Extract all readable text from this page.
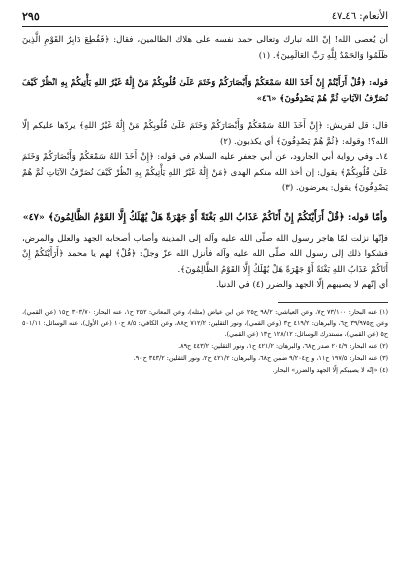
الأنعام: ٤٦ـ٤٧
٢٩٥

أن يُعصى الله! إنّ الله تبارك وتعالى حمد نفسه على هلاك الظالمين، فقال: ﴿فَقُطِعَ دَابِرُ القَوْمِ الَّذِينَ ظَلَمُوا وَالحَمْدُ لِلَّهِ رَبِّ العَالَمِينَ﴾. (١)

قوله: ﴿قُلْ أَرَأَيْتُمْ إِنْ أَخَذَ اللهُ سَمْعَكُمْ وَأَبْصَارَكُمْ وَخَتَمَ عَلَىٰ قُلُوبِكُمْ مَنْ إِلَٰهٌ غَيْرُ اللهِ يَأْتِيكُمْ بِهِ انْظُرْ كَيْفَ نُصَرِّفُ الآيَاتِ ثُمَّ هُمْ يَصْدِفُونَ﴾ «٤٦»

قال: قل لقريش: ﴿إِنْ أَخَذَ اللهُ سَمْعَكُمْ وَأَبْصَارَكُمْ وَخَتَمَ عَلَىٰ قُلُوبِكُمْ مَنْ إِلَٰهٌ غَيْرُ اللهِ﴾ يردّها عليكم إلّا الله؟! وقوله: ﴿ثُمَّ هُمْ يَصْدِفُونَ﴾ أي يكذبون. (٢)

١٤ـ وفي رواية أبي الجارود، عن أبي جعفر عليه السلام في قوله: ﴿إِنْ أَخَذَ اللهُ سَمْعَكُمْ وَأَبْصَارَكُمْ وَخَتَمَ عَلَىٰ قُلُوبِكُمْ﴾ يقول: إن أخذ الله منكم الهدى ﴿مَنْ إِلَٰهٌ غَيْرُ اللهِ يَأْتِيكُمْ بِهِ انْظُرْ كَيْفَ نُصَرِّفُ الآيَاتِ ثُمَّ هُمْ يَصْدِفُونَ﴾ يقول: يعرضون. (٣)

وأمّا قوله: ﴿قُلْ أَرَأَيْتَكُمْ إِنْ أَتَاكُمْ عَذَابُ اللهِ بَغْتَةً أَوْ جَهْرَةً هَلْ يُهْلَكُ إِلَّا القَوْمُ الظَّالِمُونَ﴾ «٤٧»

فإنّها نزلت لمّا هاجر رسول الله صلّى الله عليه وآله إلى المدينة وأصاب أصحابه الجهد والعلل والمرض، فشكوا ذلك إلى رسول الله صلّى الله عليه وآله فأنزل الله عزّ وجلّ: ﴿قُلْ﴾ لهم يا محمد ﴿أَرَأَيْتَكُمْ إِنْ أَتَاكُمْ عَذَابُ اللهِ بَغْتَةً أَوْ جَهْرَةً هَلْ يُهْلَكُ إِلَّا القَوْمُ الظَّالِمُونَ﴾.

أي إنّهم لا يصيبهم إلّا الجهد والضرر (٤) في الدنيا.

(١) عنه البحار: ٧٣/١٠٠ ح٧، وعن العياشي: ٩٨/٢ ح٢٥ عن ابن عياض (مثله)، وعن المعاني: ٢٥٢ ح١، عنه البحار: ٣٠٣/٧٠ ح١٥ (عن القمي)، وعن ج٣٩/٩٧٥ ح٦، والبرهان: ٤١٩/٢ ح٣ (وعن القمي)، ونور الثقلين: ٧١٢/٢ ح٨٨، وعن الكافي: ٨/٥ ح١٠ (عن الأول)، عنه الوسائل: ٥٠١/١١ ح٥ (عن القمي)، مستدرك الوسائل: ١٢٨/١٢ ح١٣ (عن القمي).

(٢) عنه البحار: ٢٠٤/٩ صدر ح٦٨، والبرهان: ٤٢١/٢ ح١، ونور الثقلين: ٤٤٣/٢ ح٨٩.

(٣) عنه البحار: ١٩٧/٥ ح١١، و ج٩/٢٠٤ ضمن ح٦٨، والبرهان: ٤٢١/٢ ح٢، ونور الثقلين: ٣٤٣/٢ ح٩٠.

(٤) «إنّه لا يصيبكم إلّا الجهد والضرر» البحار.
